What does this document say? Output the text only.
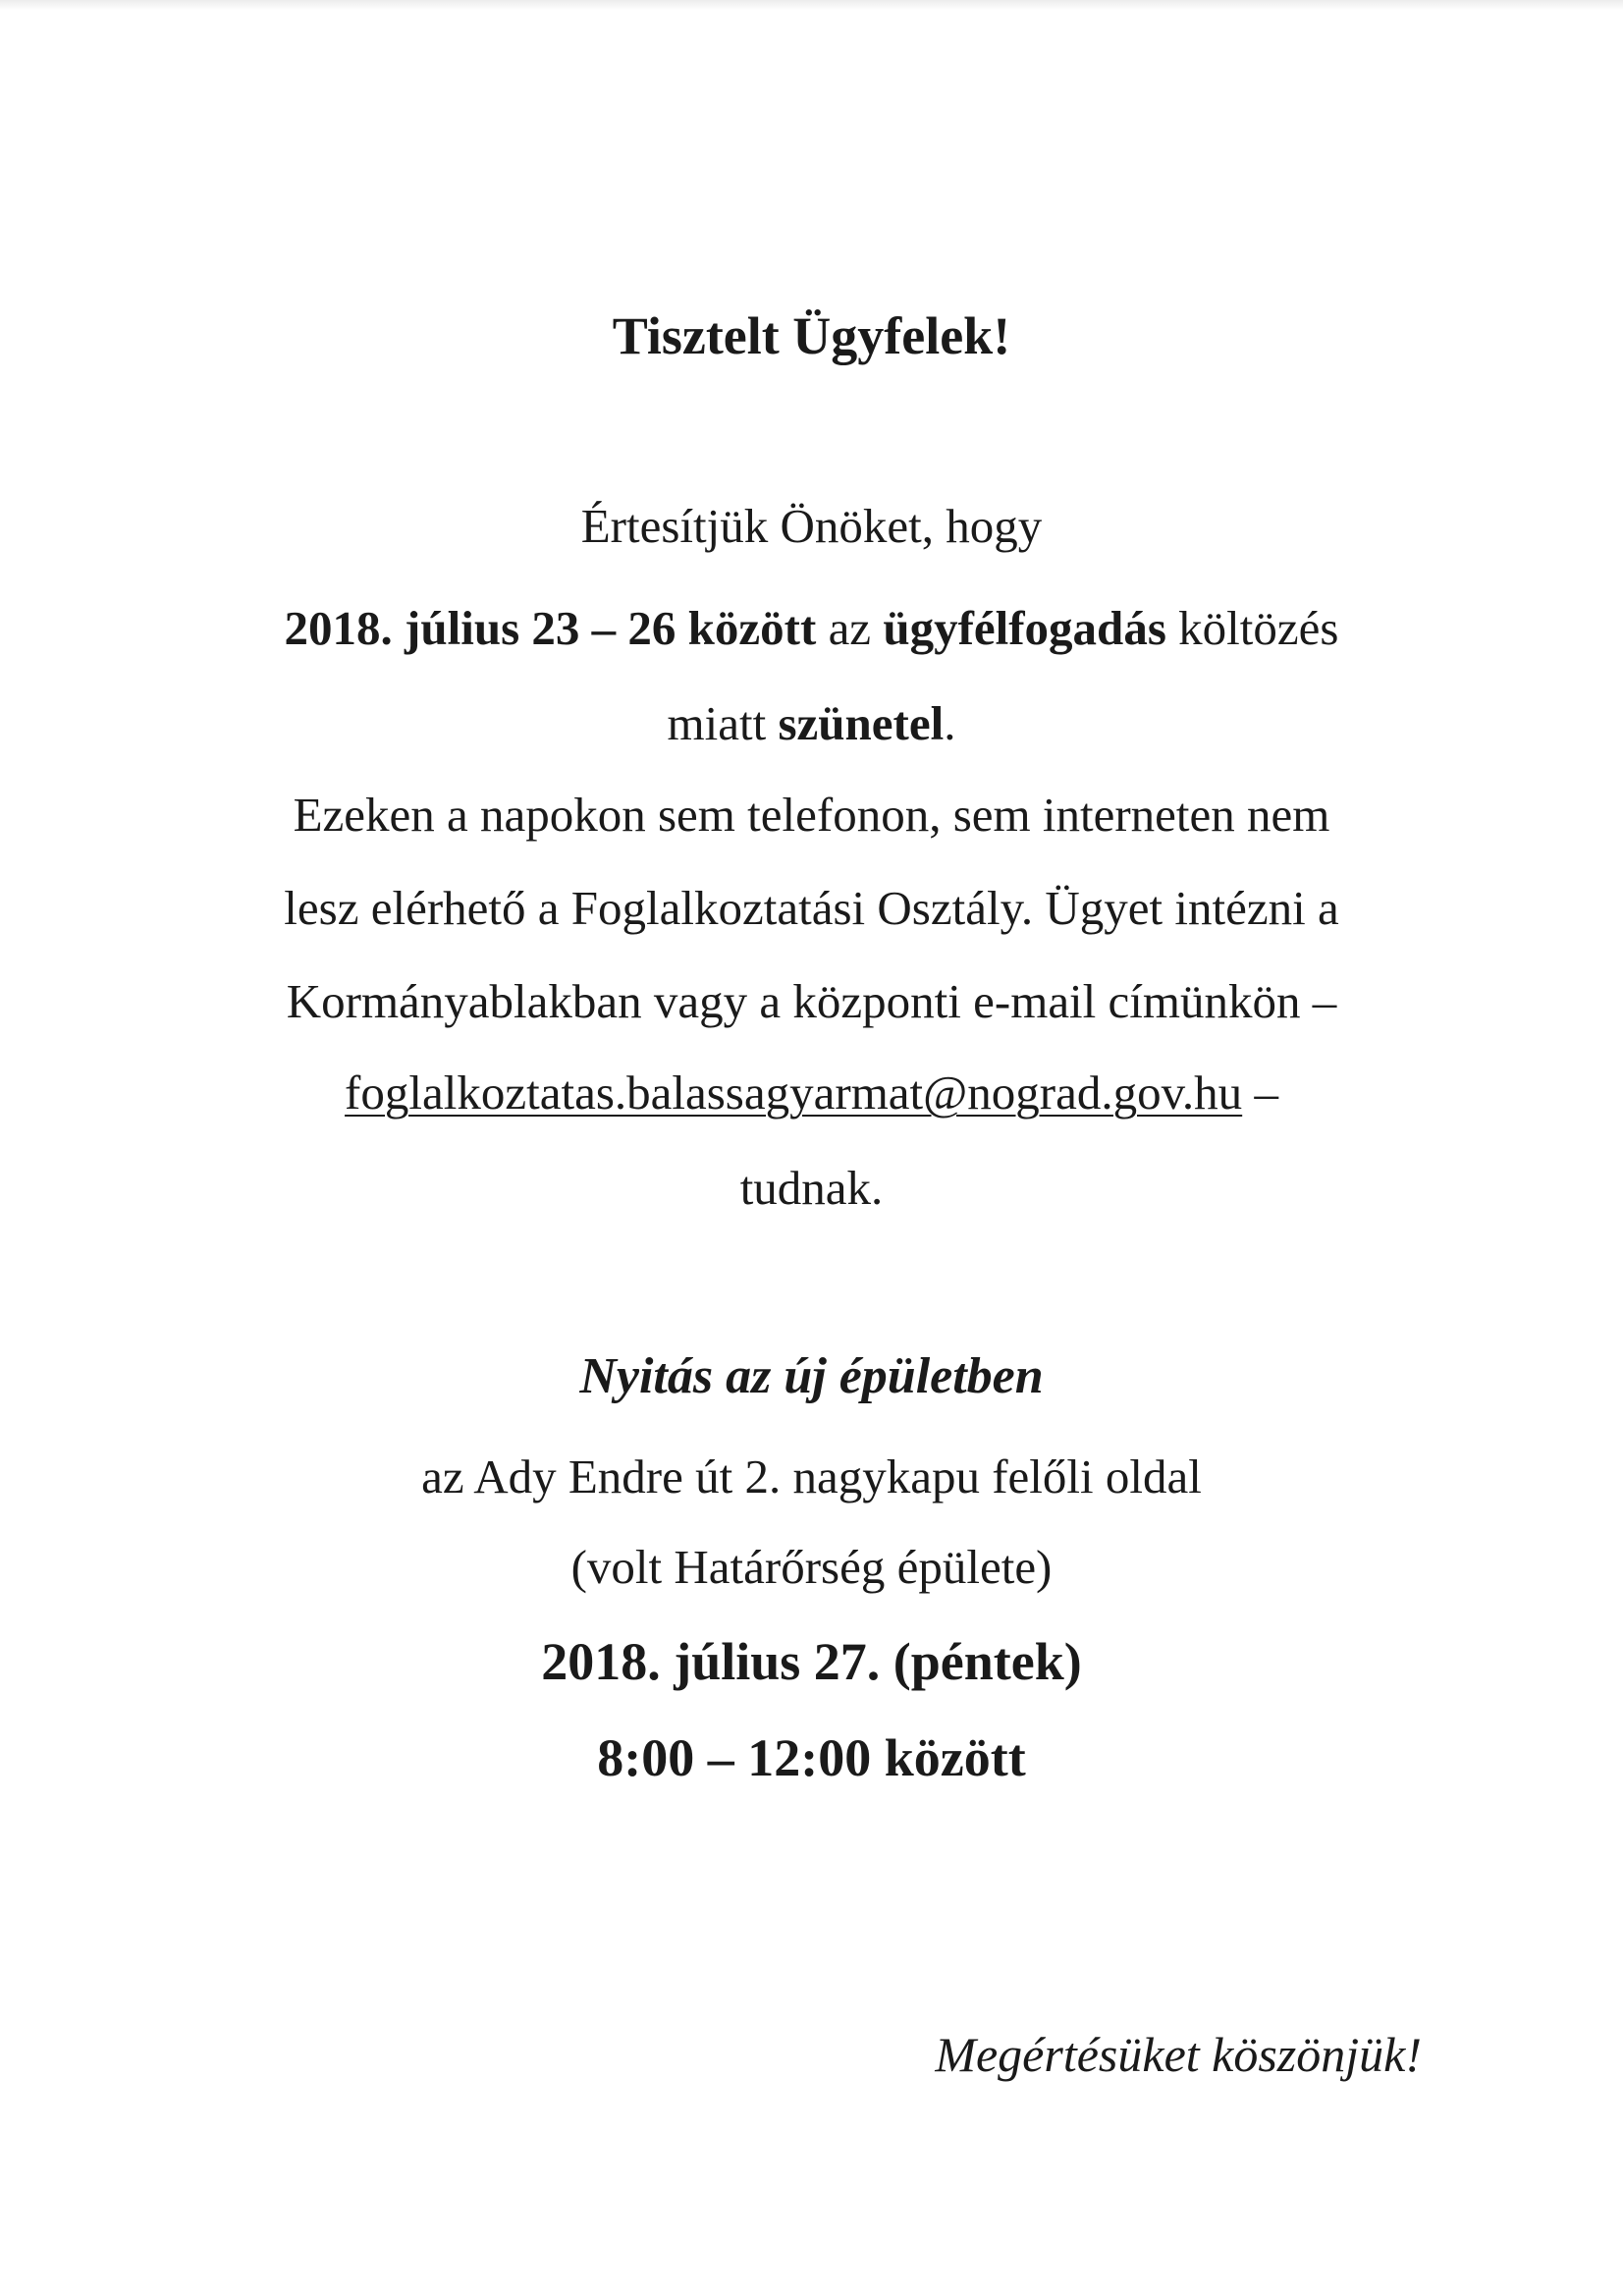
Tisztelt Ügyfelek!
Értesítjük Önöket, hogy
2018. július 23 – 26 között az ügyfélfogadás költözés
miatt szünetel.
Ezeken a napokon sem telefonon, sem interneten nem
lesz elérhető a Foglalkoztatási Osztály. Ügyet intézni a
Kormányablakban vagy a központi e-mail címünkön –
foglalkoztatas.balassagyarmat@nograd.gov.hu –
tudnak.
Nyitás az új épületben
az Ady Endre út 2. nagykapu felőli oldal
(volt Határőrség épülete)
2018. július 27. (péntek)
8:00 – 12:00 között
Megértésüket köszönjük!
